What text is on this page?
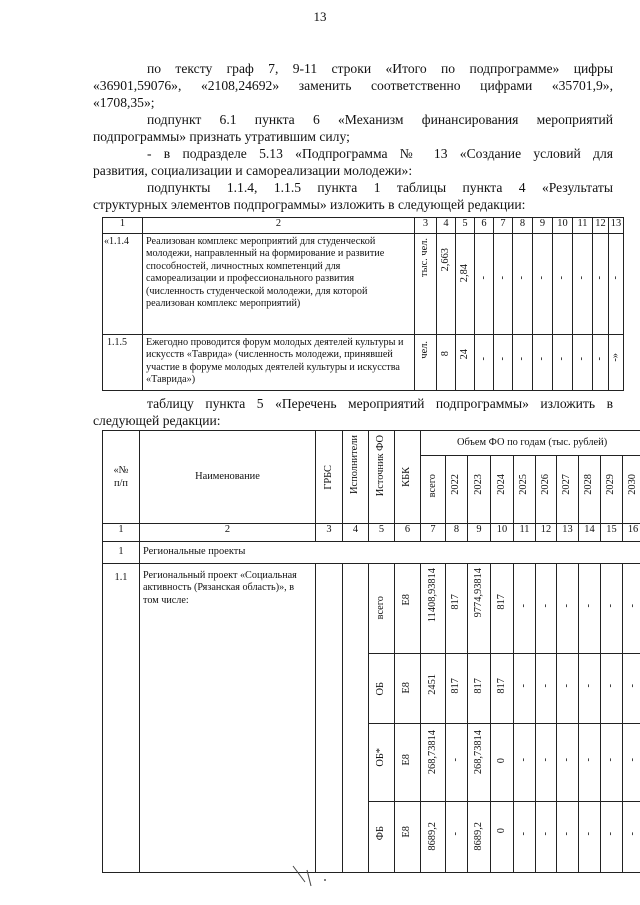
13

по тексту граф 7, 9-11 строки «Итого по подпрограмме» цифры

«36901,59076», «2108,24692» заменить соответственно цифрами «35701,9»,

«1708,35»;

подпункт 6.1 пункта 6 «Механизм финансирования мероприятий

подпрограммы» признать утратившим силу;

- в подразделе 5.13 «Подпрограмма № 13 «Создание условий для

развития, социализации и самореализации молодежи»:

подпункты 1.1.4, 1.1.5 пункта 1 таблицы пункта 4 «Результаты

структурных элементов подпрограммы» изложить в следующей редакции:

1	2	3	4	5	6	7	8	9	10	11	12	13
«1.1.4	Реализован комплекс мероприятий для студенческой молодежи, направленный на формирование и развитие способностей, личностных компетенций для самореализации и профессионального развития (численность студенческой молодежи, для которой реализован комплекс мероприятий)	тыс. чел.	2,663	2,84	-	-	-	-	-	-	-	-

1.1.5	Ежегодно проводится форум молодых деятелей культуры и искусств «Таврида» (численность молодежи, принявшей участие в форуме молодых деятелей культуры и искусства «Таврида»)	чел.	8	24	-	-	-	-	-	-	-	-»

таблицу пункта 5 «Перечень мероприятий подпрограммы» изложить в

следующей редакции:

«№ п/п	Наименование	ГРБС	Исполнители	Источник ФО	КБК	Объем ФО по годам (тыс. рублей)									

						всего	2022	2023	2024	2025	2026	2027	2028	2029	2030

1	2	3	4	5	6	7	8	9	10	11	12	13	14	15	16
1	Региональные проекты														
1.1	Региональный проект «Социальная активность (Рязанская область)», в том числе:			всего	Е8	11408,93814	817	9774,93814	817	-	-	-	-	-	-

				ОБ	Е8	2451	817	817	817	-	-	-	-	-	-

				ОБ*	Е8	268,73814	-	268,73814	0	-	-	-	-	-	-

				ФБ	Е8	8689,2	-	8689,2	0	-	-	-	-	-	-
